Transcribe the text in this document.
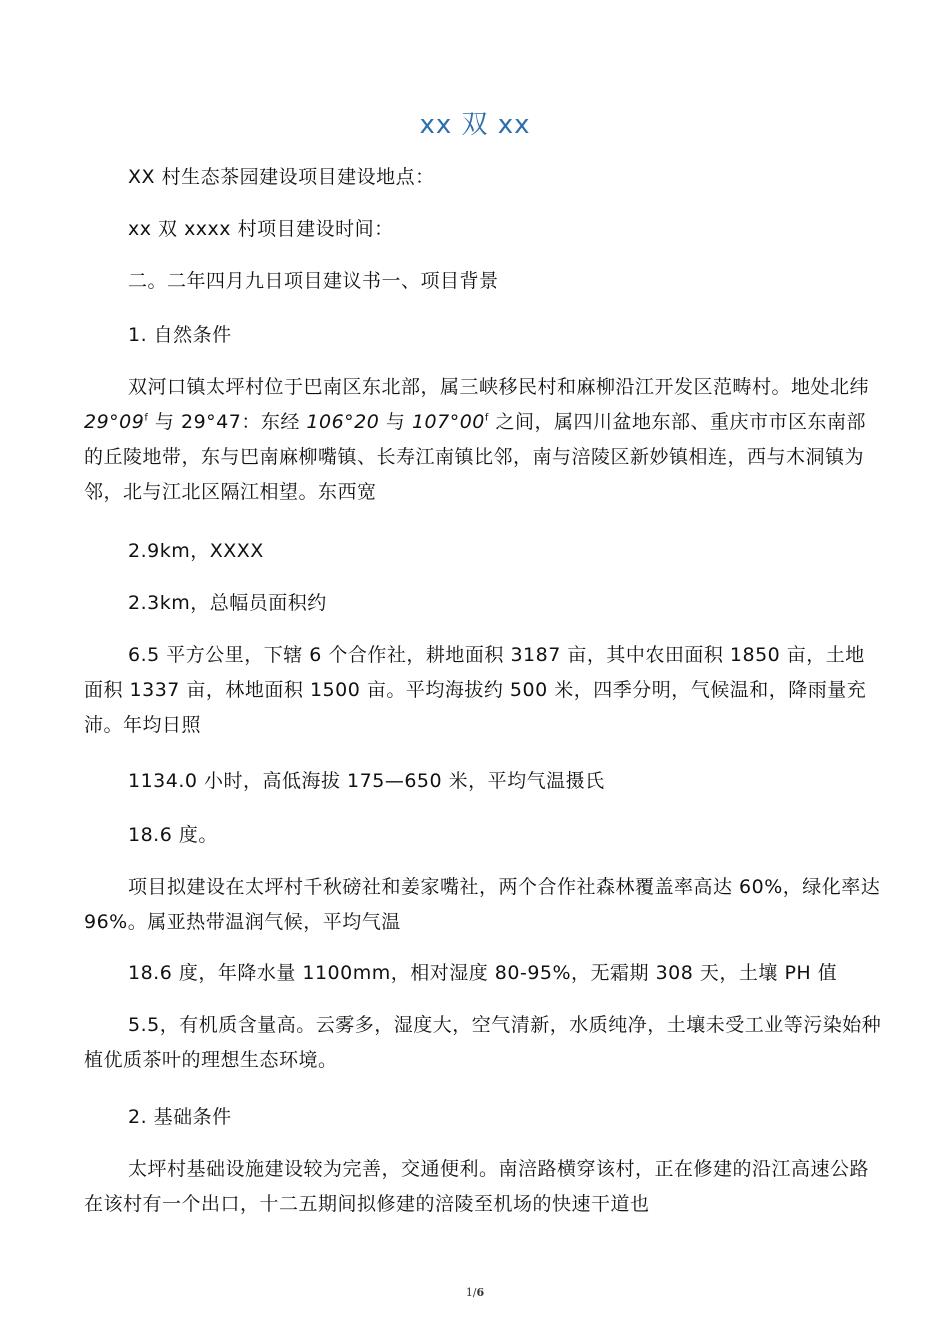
xx 双 xx
XX 村生态茶园建设项目建设地点：
xx 双 xxxx 村项目建设时间：
二。二年四月九日项目建议书一、项目背景
1. 自然条件
双河口镇太坪村位于巴南区东北部，属三峡移民村和麻柳沿江开发区范畴村。地处北纬 29°09$^f$ 与 29°47：东经 106°20 与 107°00$^f$ 之间，属四川盆地东部、重庆市市区东南部的丘陵地带，东与巴南麻柳嘴镇、长寿江南镇比邻，南与涪陵区新妙镇相连，西与木洞镇为邻，北与江北区隔江相望。东西宽
2.9km，XXXX
2.3km，总幅员面积约
6.5 平方公里，下辖 6 个合作社，耕地面积 3187 亩，其中农田面积 1850 亩，土地面积 1337 亩，林地面积 1500 亩。平均海拔约 500 米，四季分明，气候温和，降雨量充沛。年均日照
1134.0 小时，高低海拔 175—650 米，平均气温摄氏
18.6 度。
项目拟建设在太坪村千秋磅社和姜家嘴社，两个合作社森林覆盖率高达 60%，绿化率达 96%。属亚热带温润气候，平均气温
18.6 度，年降水量 1100mm，相对湿度 80-95%，无霜期 308 天，土壤 PH 值
5.5，有机质含量高。云雾多，湿度大，空气清新，水质纯净，土壤未受工业等污染始种植优质茶叶的理想生态环境。
2. 基础条件
太坪村基础设施建设较为完善，交通便利。南涪路横穿该村，正在修建的沿江高速公路在该村有一个出口，十二五期间拟修建的涪陵至机场的快速干道也
1/6
